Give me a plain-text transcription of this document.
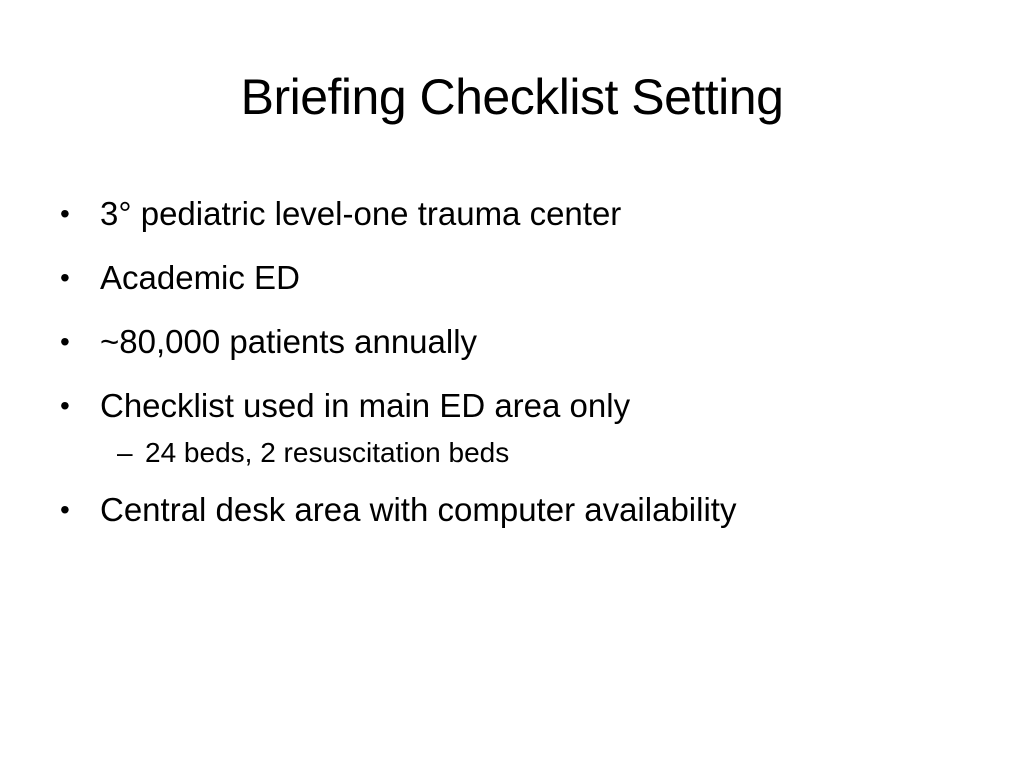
Briefing Checklist Setting
• 3° pediatric level-one trauma center
• Academic ED
• ~80,000 patients annually
• Checklist used in main ED area only
– 24 beds, 2 resuscitation beds
• Central desk area with computer availability
